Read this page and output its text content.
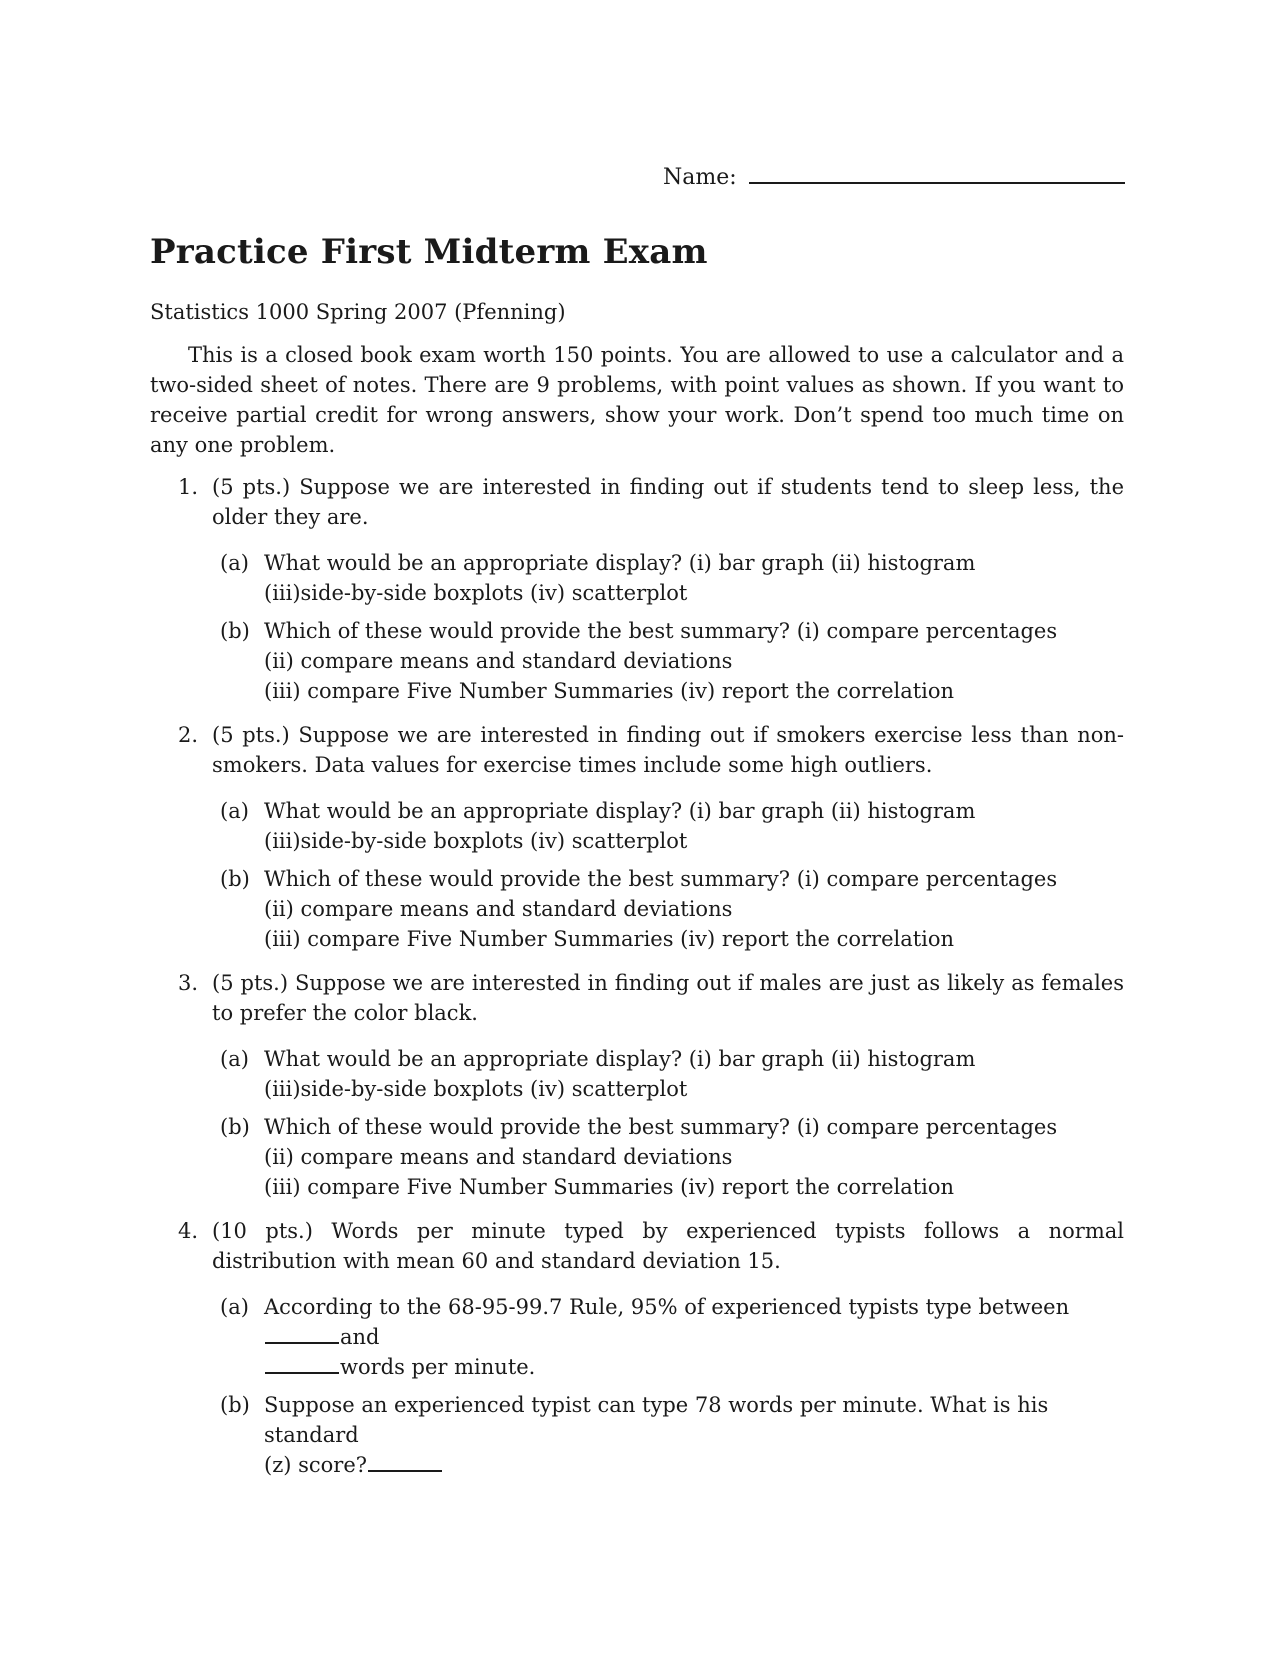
Name:
Practice First Midterm Exam
Statistics 1000 Spring 2007 (Pfenning)

This is a closed book exam worth 150 points. You are allowed to use a calculator and a two-sided sheet of notes. There are 9 problems, with point values as shown. If you want to receive partial credit for wrong answers, show your work. Don’t spend too much time on any one problem.

1. (5 pts.) Suppose we are interested in finding out if students tend to sleep less, the older they are.
(a) What would be an appropriate display? (i) bar graph (ii) histogram
(iii)side-by-side boxplots (iv) scatterplot
(b) Which of these would provide the best summary? (i) compare percentages
(ii) compare means and standard deviations
(iii) compare Five Number Summaries (iv) report the correlation
2. (5 pts.) Suppose we are interested in finding out if smokers exercise less than non-smokers. Data values for exercise times include some high outliers.
(a) What would be an appropriate display? (i) bar graph (ii) histogram
(iii)side-by-side boxplots (iv) scatterplot
(b) Which of these would provide the best summary? (i) compare percentages
(ii) compare means and standard deviations
(iii) compare Five Number Summaries (iv) report the correlation
3. (5 pts.) Suppose we are interested in finding out if males are just as likely as females to prefer the color black.
(a) What would be an appropriate display? (i) bar graph (ii) histogram
(iii)side-by-side boxplots (iv) scatterplot
(b) Which of these would provide the best summary? (i) compare percentages
(ii) compare means and standard deviations
(iii) compare Five Number Summaries (iv) report the correlation
4. (10 pts.) Words per minute typed by experienced typists follows a normal distribution with mean 60 and standard deviation 15.
(a) According to the 68-95-99.7 Rule, 95% of experienced typists type between and
words per minute.
(b) Suppose an experienced typist can type 78 words per minute. What is his standard
(z) score?
